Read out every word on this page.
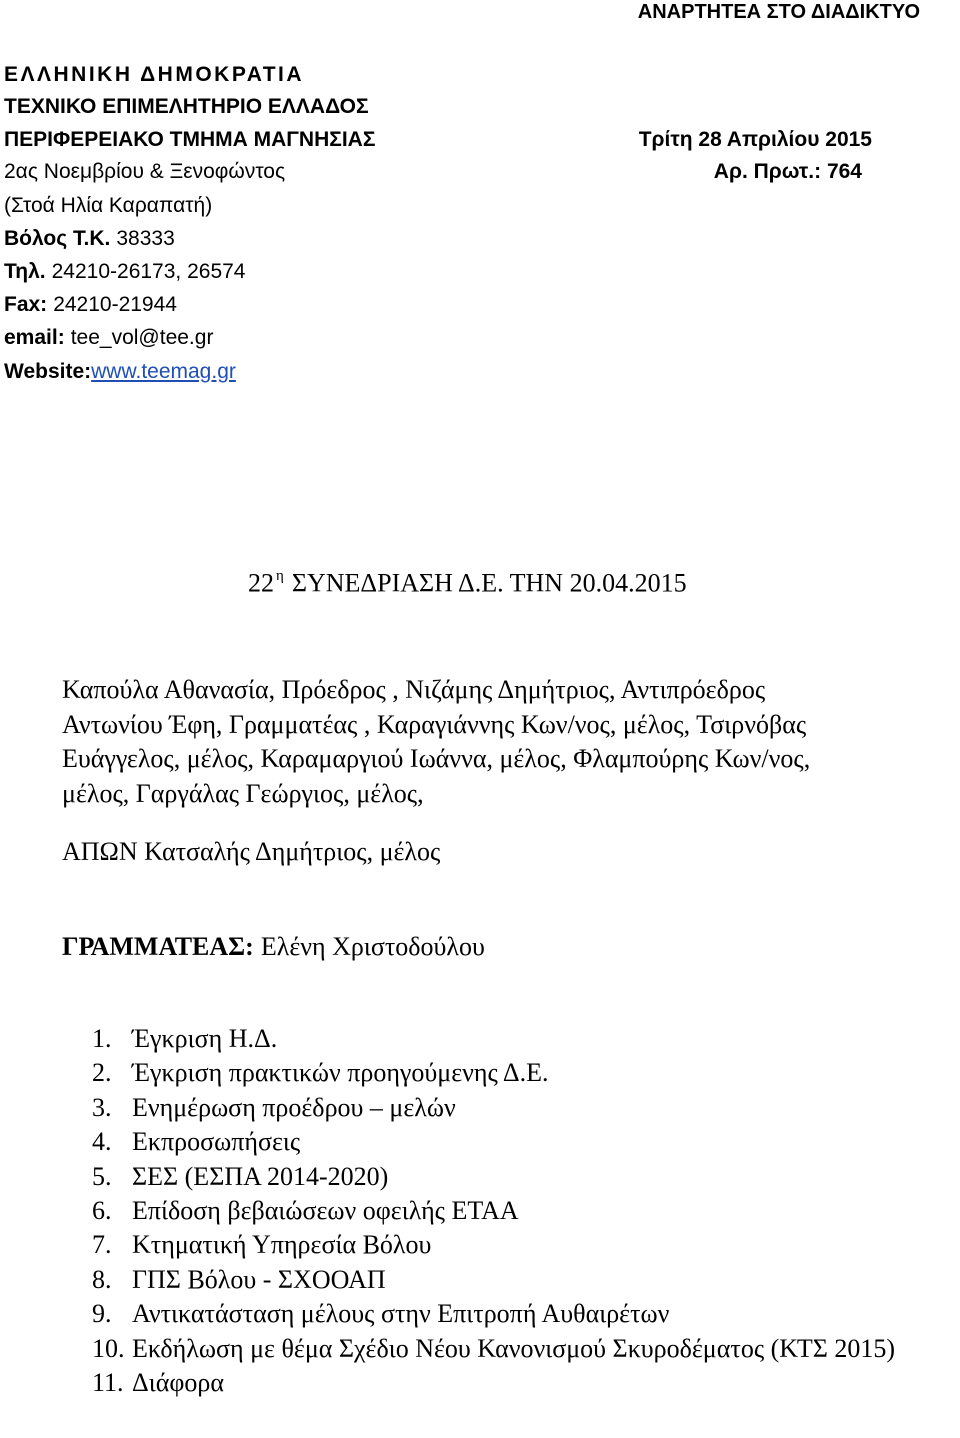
ΑΝΑΡΤΗΤΕΑ ΣΤΟ ΔΙΑΔΙΚΤΥΟ
ΕΛΛΗΝΙΚΗ ΔΗΜΟΚΡΑΤΙΑ
ΤΕΧΝΙΚΟ ΕΠΙΜΕΛΗΤΗΡΙΟ ΕΛΛΑΔΟΣ
ΠΕΡΙΦΕΡΕΙΑΚΟ ΤΜΗΜΑ ΜΑΓΝΗΣΙΑΣ
2ας Νοεμβρίου & Ξενοφώντος
(Στοά Ηλία Καραπατή)
Βόλος Τ.Κ. 38333
Τηλ. 24210-26173, 26574
Fax: 24210-21944
email: tee_vol@tee.gr
Website:www.teemag.gr
Τρίτη 28 Απριλίου 2015
Αρ. Πρωτ.: 764
22 $^\eta$ ΣΥΝΕΔΡΙΑΣΗ Δ.Ε. ΤΗΝ 20.04.2015
Καπούλα Αθανασία, Πρόεδρος , Νιζάμης Δημήτριος, Αντιπρόεδρος
Αντωνίου Έφη, Γραμματέας , Καραγιάννης Κων/νος, μέλος, Τσιρνόβας
Ευάγγελος, μέλος, Καραμαργιού Ιωάννα, μέλος, Φλαμπούρης Κων/νος,
μέλος, Γαργάλας Γεώργιος, μέλος,
ΑΠΩΝ Κατσαλής Δημήτριος, μέλος
ΓΡΑΜΜΑΤΕΑΣ: Ελένη Χριστοδούλου
1. Έγκριση Η.Δ.
2. Έγκριση πρακτικών προηγούμενης Δ.Ε.
3. Ενημέρωση προέδρου – μελών
4. Εκπροσωπήσεις
5. ΣΕΣ (ΕΣΠΑ 2014-2020)
6. Επίδοση βεβαιώσεων οφειλής ΕΤΑΑ
7. Κτηματική Υπηρεσία Βόλου
8. ΓΠΣ Βόλου - ΣΧΟΟΑΠ
9. Αντικατάσταση μέλους στην Επιτροπή Αυθαιρέτων
10. Εκδήλωση με θέμα Σχέδιο Νέου Κανονισμού Σκυροδέματος (ΚΤΣ 2015)
11. Διάφορα
